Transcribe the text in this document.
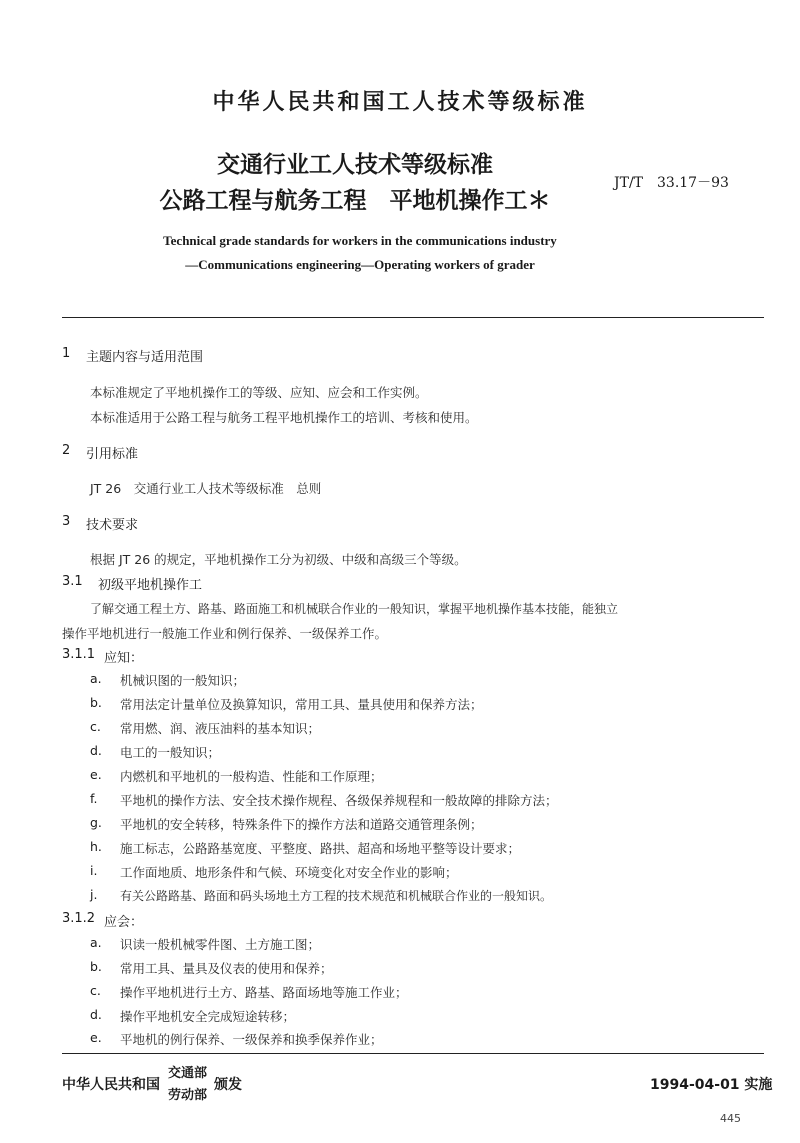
中华人民共和国工人技术等级标准
交通行业工人技术等级标准
公路工程与航务工程　平地机操作工＊
JT/T　33.17－93
Technical grade standards for workers in the communications industry
—Communications engineering—Operating workers of grader
1 主题内容与适用范围
本标准规定了平地机操作工的等级、应知、应会和工作实例。
本标准适用于公路工程与航务工程平地机操作工的培训、考核和使用。
2 引用标准
JT 26　交通行业工人技术等级标准　总则
3 技术要求
根据 JT 26 的规定，平地机操作工分为初级、中级和高级三个等级。
3.1 初级平地机操作工
了解交通工程土方、路基、路面施工和机械联合作业的一般知识，掌握平地机操作基本技能，能独立
操作平地机进行一般施工作业和例行保养、一级保养工作。
3.1.1 应知：
a. 机械识图的一般知识；
b. 常用法定计量单位及换算知识，常用工具、量具使用和保养方法；
c. 常用燃、润、液压油料的基本知识；
d. 电工的一般知识；
e. 内燃机和平地机的一般构造、性能和工作原理；
f. 平地机的操作方法、安全技术操作规程、各级保养规程和一般故障的排除方法；
g. 平地机的安全转移，特殊条件下的操作方法和道路交通管理条例；
h. 施工标志，公路路基宽度、平整度、路拱、超高和场地平整等设计要求；
i. 工作面地质、地形条件和气候、环境变化对安全作业的影响；
j. 有关公路路基、路面和码头场地土方工程的技术规范和机械联合作业的一般知识。
3.1.2 应会：
a. 识读一般机械零件图、土方施工图；
b. 常用工具、量具及仪表的使用和保养；
c. 操作平地机进行土方、路基、路面场地等施工作业；
d. 操作平地机安全完成短途转移；
e. 平地机的例行保养、一级保养和换季保养作业；
中华人民共和国
交通部
劳动部
颁发	1994-04-01 实施
445
